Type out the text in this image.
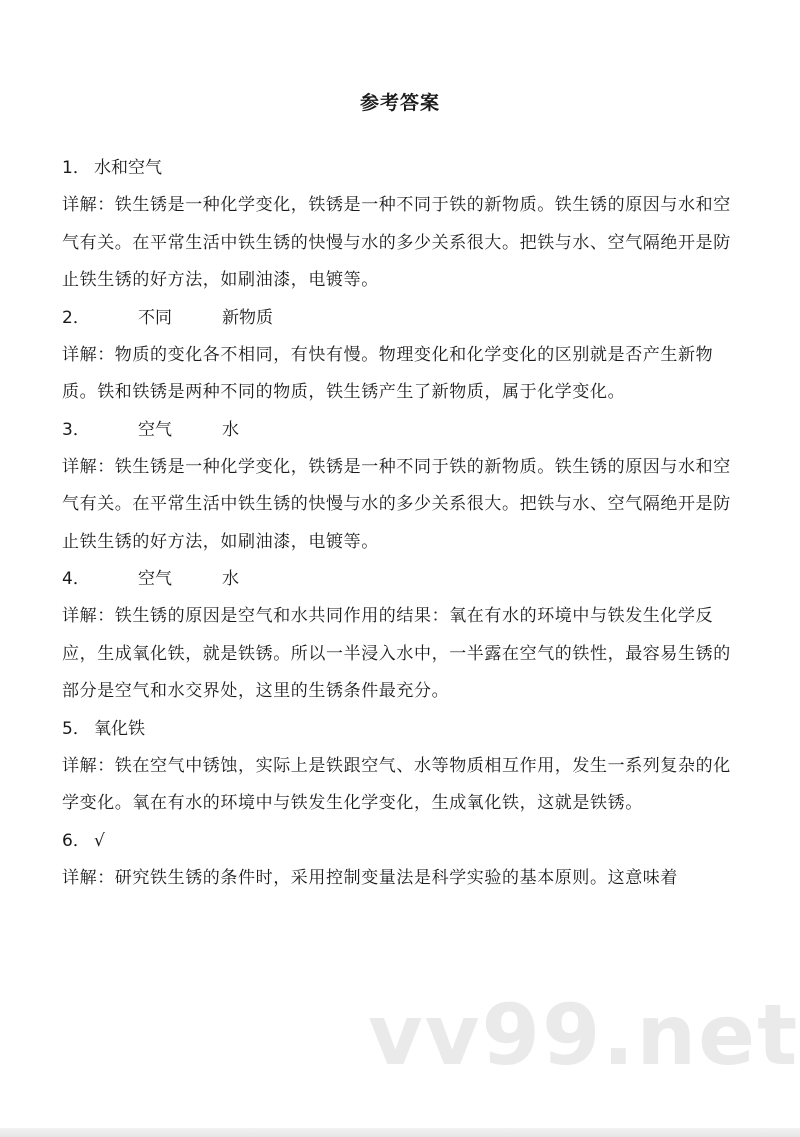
参考答案
1． 水和空气
详解：铁生锈是一种化学变化，铁锈是一种不同于铁的新物质。铁生锈的原因与水和空气有关。在平常生活中铁生锈的快慢与水的多少关系很大。把铁与水、空气隔绝开是防止铁生锈的好方法，如刷油漆，电镀等。
2．	不同	新物质
详解：物质的变化各不相同，有快有慢。物理变化和化学变化的区别就是否产生新物质。铁和铁锈是两种不同的物质，铁生锈产生了新物质，属于化学变化。
3．	空气	水
详解：铁生锈是一种化学变化，铁锈是一种不同于铁的新物质。铁生锈的原因与水和空气有关。在平常生活中铁生锈的快慢与水的多少关系很大。把铁与水、空气隔绝开是防止铁生锈的好方法，如刷油漆，电镀等。
4．	空气	水
详解：铁生锈的原因是空气和水共同作用的结果：氧在有水的环境中与铁发生化学反应，生成氧化铁，就是铁锈。所以一半浸入水中，一半露在空气的铁性，最容易生锈的部分是空气和水交界处，这里的生锈条件最充分。
5． 氧化铁
详解：铁在空气中锈蚀，实际上是铁跟空气、水等物质相互作用，发生一系列复杂的化学变化。氧在有水的环境中与铁发生化学变化，生成氧化铁，这就是铁锈。
6． √
详解：研究铁生锈的条件时，采用控制变量法是科学实验的基本原则。这意味着
vv99.net
